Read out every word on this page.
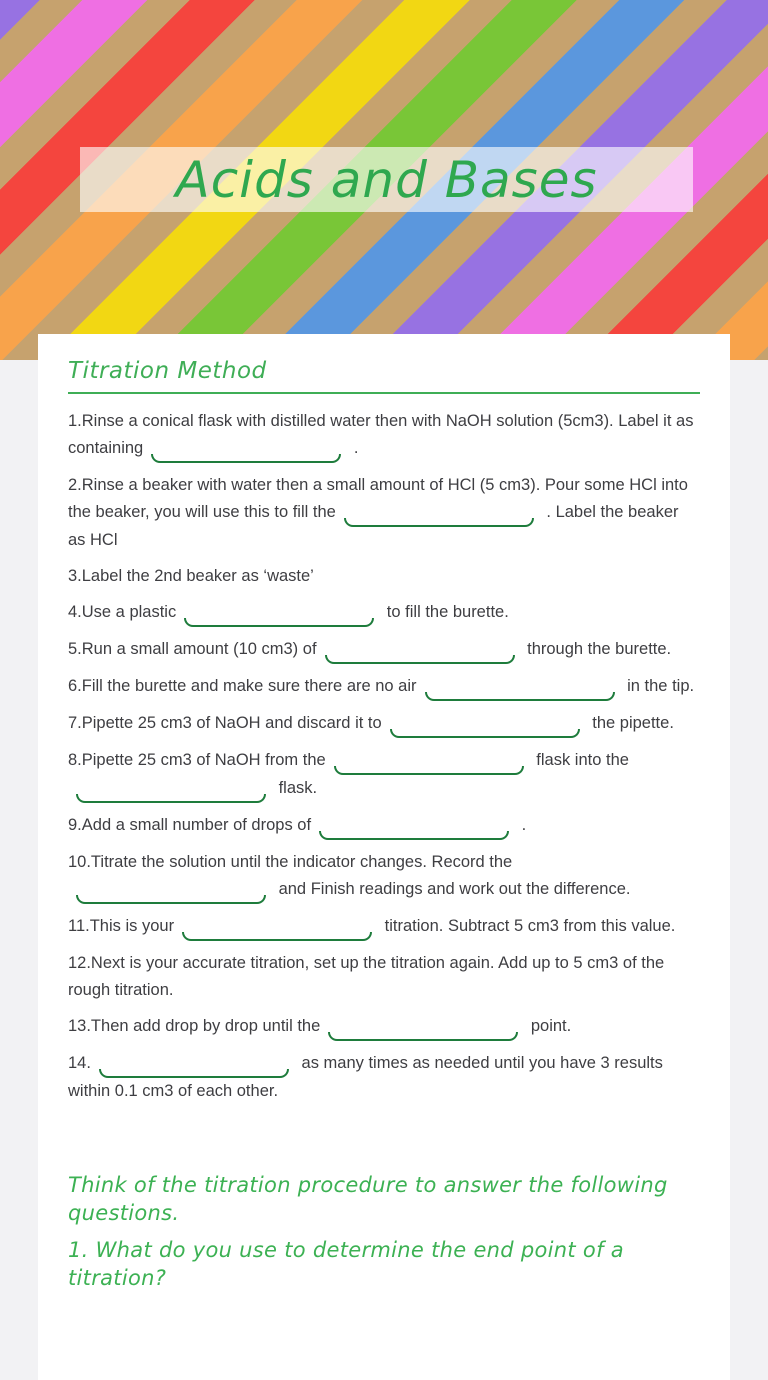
Acids and Bases
Titration Method

1.Rinse a conical flask with distilled water then with NaOH solution (5cm3). Label it as containing	.

2.Rinse a beaker with water then a small amount of HCl (5 cm3). Pour some HCl into the beaker, you will use this to fill the	. Label the beaker as HCl

3.Label the 2nd beaker as ‘waste’

4.Use a plastic	to fill the burette.

5.Run a small amount (10 cm3) of	through the burette.

6.Fill the burette and make sure there are no air	in the tip.

7.Pipette 25 cm3 of NaOH and discard it to	the pipette.

8.Pipette 25 cm3 of NaOH from the	flask into the flask.

9.Add a small number of drops of	.

10.Titrate the solution until the indicator changes. Record the and Finish readings and work out the difference.

11.This is your	titration. Subtract 5 cm3 from this value.

12.Next is your accurate titration, set up the titration again. Add up to 5 cm3 of the rough titration.

13.Then add drop by drop until the	point.

14.	as many times as needed until you have 3 results within 0.1 cm3 of each other.

Think of the titration procedure to answer the following questions.

1. What do you use to determine the end point of a titration?
